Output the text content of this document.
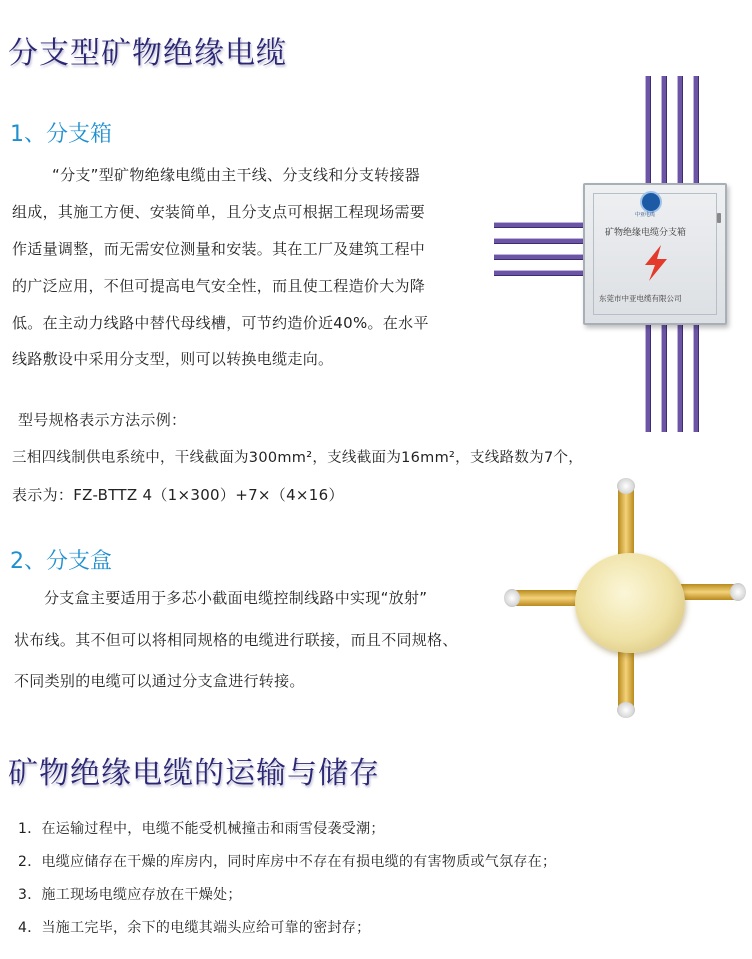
分支型矿物绝缘电缆
1、分支箱
“分支”型矿物绝缘电缆由主干线、分支线和分支转接器
组成，其施工方便、安装简单，且分支点可根据工程现场需要
作适量调整，而无需安位测量和安装。其在工厂及建筑工程中
的广泛应用，不但可提高电气安全性，而且使工程造价大为降
低。在主动力线路中替代母线槽，可节约造价近40%。在水平
线路敷设中采用分支型，则可以转换电缆走向。
型号规格表示方法示例：
三相四线制供电系统中，干线截面为300mm²，支线截面为16mm²，支线路数为7个，
表示为：FZ-BTTZ 4（1×300）+7×（4×16）
中亚电缆
矿物绝缘电缆分支箱
东莞市中亚电缆有限公司
2、分支盒
分支盒主要适用于多芯小截面电缆控制线路中实现“放射”
状布线。其不但可以将相同规格的电缆进行联接，而且不同规格、
不同类别的电缆可以通过分支盒进行转接。
矿物绝缘电缆的运输与储存
1．在运输过程中，电缆不能受机械撞击和雨雪侵袭受潮；
2．电缆应储存在干燥的库房内，同时库房中不存在有损电缆的有害物质或气氛存在；
3．施工现场电缆应存放在干燥处；
4．当施工完毕，余下的电缆其端头应给可靠的密封存；
